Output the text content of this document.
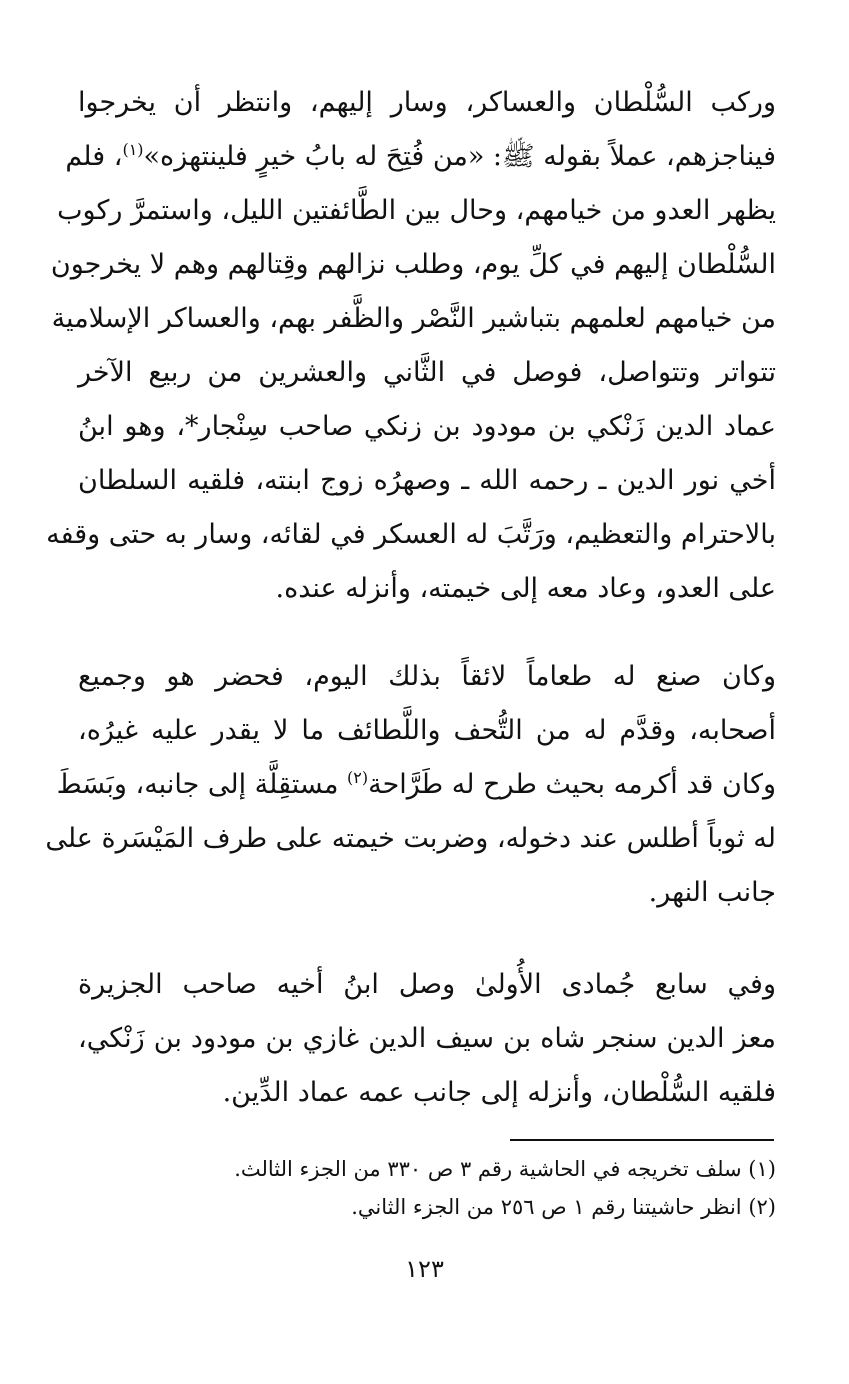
وركب السُّلْطان والعساكر، وسار إليهم، وانتظر أن يخرجوا
فيناجزهم، عملاً بقوله ﷺ: «من فُتِحَ له بابُ خيرٍ فلينتهزه»$^{(١)}$، فلم
يظهر العدو من خيامهم، وحال بين الطَّائفتين الليل، واستمرَّ ركوب
السُّلْطان إليهم في كلِّ يوم، وطلب نزالهم وقِتالهم وهم لا يخرجون
من خيامهم لعلمهم بتباشير النَّصْر والظَّفر بهم، والعساكر الإسلامية
تتواتر وتتواصل، فوصل في الثَّاني والعشرين من ربيع الآخر
عماد الدين زَنْكي بن مودود بن زنكي صاحب سِنْجار*، وهو ابنُ
أخي نور الدين ـ رحمه الله ـ وصهرُه زوج ابنته، فلقيه السلطان
بالاحترام والتعظيم، ورَتَّبَ له العسكر في لقائه، وسار به حتى وقفه
على العدو، وعاد معه إلى خيمته، وأنزله عنده.
وكان صنع له طعاماً لائقاً بذلك اليوم، فحضر هو وجميع
أصحابه، وقدَّم له من التُّحف واللَّطائف ما لا يقدر عليه غيرُه،
وكان قد أكرمه بحيث طرح له طَرَّاحة$^{(٢)}$ مستقِلَّة إلى جانبه، وبَسَطَ
له ثوباً أطلس عند دخوله، وضربت خيمته على طرف المَيْسَرة على
جانب النهر.
وفي سابع جُمادى الأُولىٰ وصل ابنُ أخيه صاحب الجزيرة
معز الدين سنجر شاه بن سيف الدين غازي بن مودود بن زَنْكي،
فلقيه السُّلْطان، وأنزله إلى جانب عمه عماد الدِّين.
(١) سلف تخريجه في الحاشية رقم ٣ ص ٣٣٠ من الجزء الثالث.
(٢) انظر حاشيتنا رقم ١ ص ٢٥٦ من الجزء الثاني.
١٢٣
